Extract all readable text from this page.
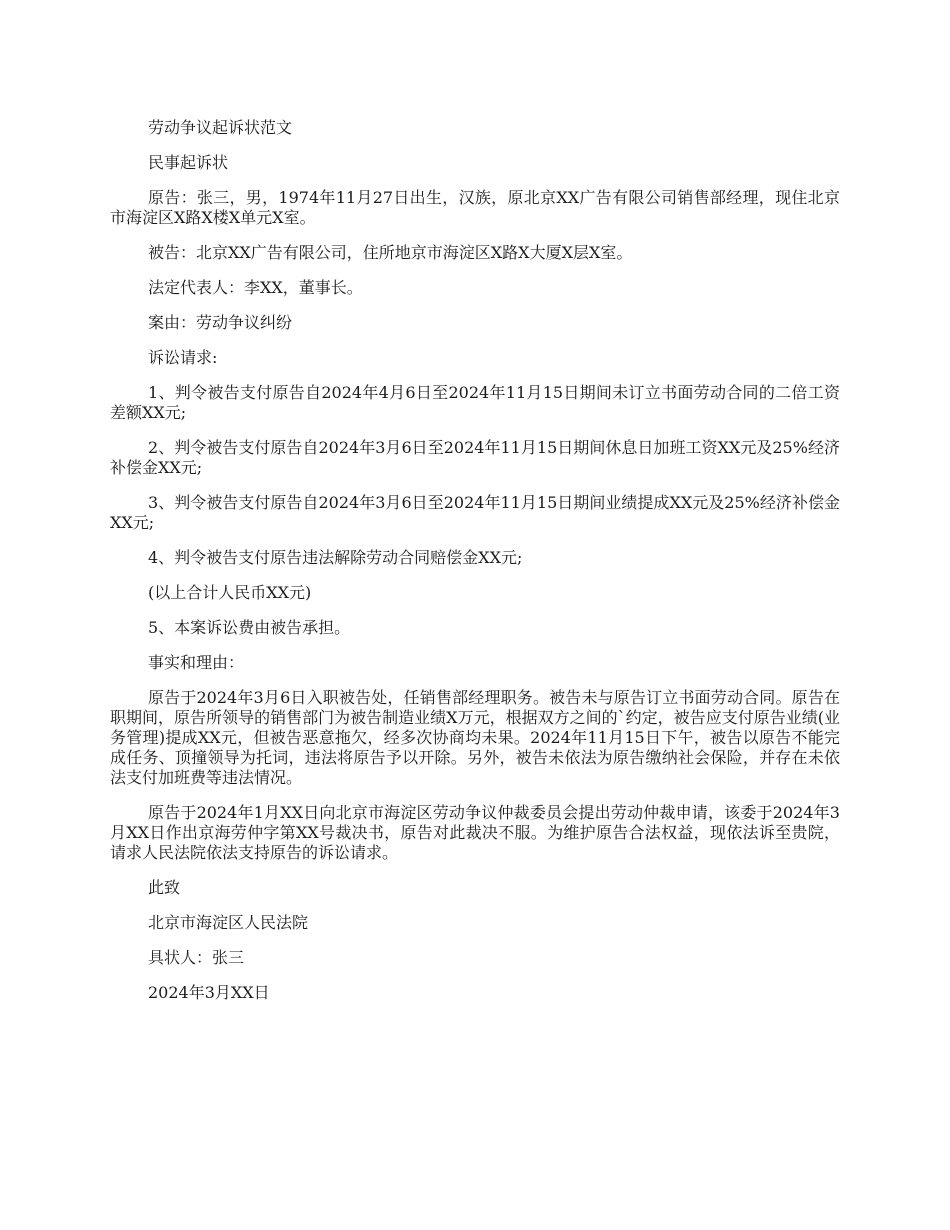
劳动争议起诉状范文

民事起诉状

原告：张三，男，1974年11月27日出生，汉族，原北京XX广告有限公司销售部经理，现住北京市海淀区X路X楼X单元X室。

被告：北京XX广告有限公司，住所地京市海淀区X路X大厦X层X室。

法定代表人：李XX，董事长。

案由：劳动争议纠纷

诉讼请求:

1、判令被告支付原告自2024年4月6日至2024年11月15日期间未订立书面劳动合同的二倍工资差额XX元;

2、判令被告支付原告自2024年3月6日至2024年11月15日期间休息日加班工资XX元及25%经济补偿金XX元;

3、判令被告支付原告自2024年3月6日至2024年11月15日期间业绩提成XX元及25%经济补偿金XX元;

4、判令被告支付原告违法解除劳动合同赔偿金XX元;

(以上合计人民币XX元)

5、本案诉讼费由被告承担。

事实和理由：

原告于2024年3月6日入职被告处，任销售部经理职务。被告未与原告订立书面劳动合同。原告在职期间，原告所领导的销售部门为被告制造业绩X万元，根据双方之间的`约定，被告应支付原告业绩(业务管理)提成XX元，但被告恶意拖欠，经多次协商均未果。2024年11月15日下午，被告以原告不能完成任务、顶撞领导为托词，违法将原告予以开除。另外，被告未依法为原告缴纳社会保险，并存在未依法支付加班费等违法情况。

原告于2024年1月XX日向北京市海淀区劳动争议仲裁委员会提出劳动仲裁申请，该委于2024年3月XX日作出京海劳仲字第XX号裁决书，原告对此裁决不服。为维护原告合法权益，现依法诉至贵院，请求人民法院依法支持原告的诉讼请求。

此致

北京市海淀区人民法院

具状人：张三

2024年3月XX日
